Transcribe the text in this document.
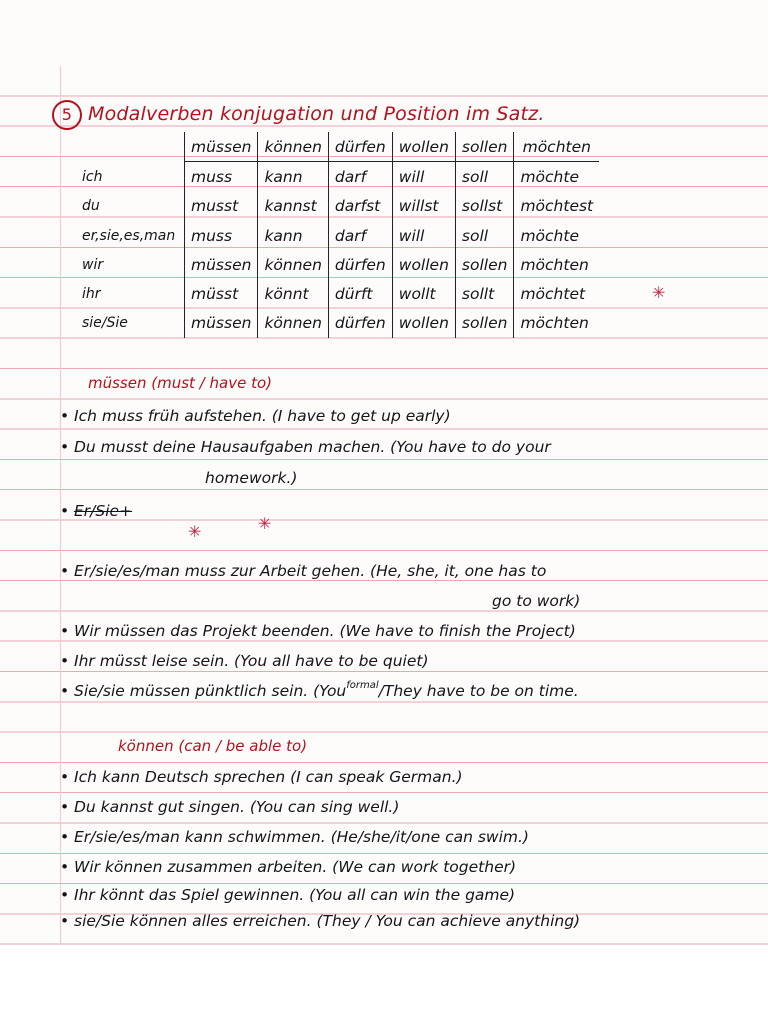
5 Modalverben konjugation und Position im Satz.
	müssen	können	dürfen	wollen	sollen	möchten
ich	muss	kann	darf	will	soll	möchte
du	musst	kannst	darfst	willst	sollst	möchtest
er,sie,es,man	muss	kann	darf	will	soll	möchte
wir	müssen	können	dürfen	wollen	sollen	möchten
ihr	müsst	könnt	dürft	wollt	sollt	möchtet
sie/Sie	müssen	können	dürfen	wollen	sollen	möchten
✳
müssen (must / have to)
• Ich muss früh aufstehen. (I have to get up early)
• Du musst deine Hausaufgaben machen. (You have to do your
homework.)
• Er/Sie+
✳	✳
• Er/sie/es/man muss zur Arbeit gehen. (He, she, it, one has to
go to work)
• Wir müssen das Projekt beenden. (We have to finish the Project)
• Ihr müsst leise sein. (You all have to be quiet)
• Sie/sie müssen pünktlich sein. (You$^{formal}$/They have to be on time.
können (can / be able to)
• Ich kann Deutsch sprechen (I can speak German.)
• Du kannst gut singen. (You can sing well.)
• Er/sie/es/man kann schwimmen. (He/she/it/one can swim.)
• Wir können zusammen arbeiten. (We can work together)
• Ihr könnt das Spiel gewinnen. (You all can win the game)
• sie/Sie können alles erreichen. (They / You can achieve anything)
